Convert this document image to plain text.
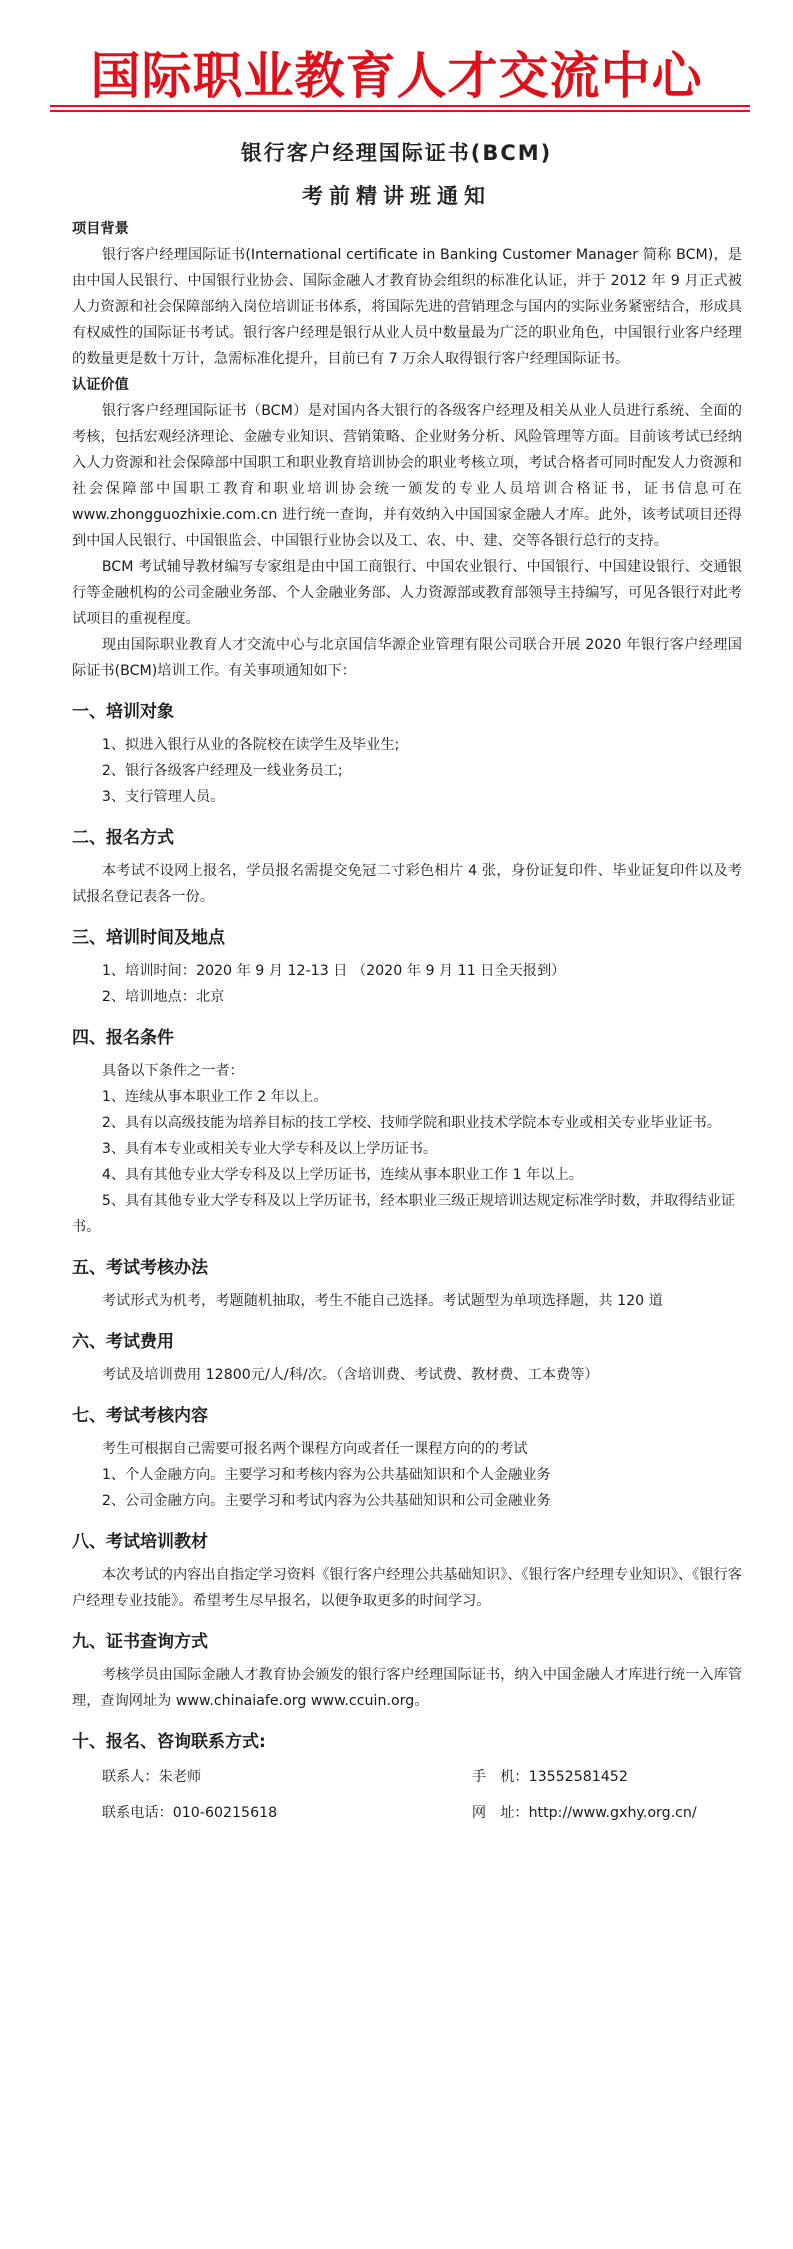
国际职业教育人才交流中心
银行客户经理国际证书(BCM)
考前精讲班通知

项目背景

银行客户经理国际证书(International certificate in Banking Customer Manager 简称 BCM)，是由中国人民银行、中国银行业协会、国际金融人才教育协会组织的标准化认证，并于 2012 年 9 月正式被人力资源和社会保障部纳入岗位培训证书体系，将国际先进的营销理念与国内的实际业务紧密结合，形成具有权威性的国际证书考试。银行客户经理是银行从业人员中数量最为广泛的职业角色，中国银行业客户经理的数量更是数十万计，急需标准化提升，目前已有 7 万余人取得银行客户经理国际证书。

认证价值

银行客户经理国际证书（BCM）是对国内各大银行的各级客户经理及相关从业人员进行系统、全面的考核，包括宏观经济理论、金融专业知识、营销策略、企业财务分析、风险管理等方面。目前该考试已经纳入人力资源和社会保障部中国职工和职业教育培训协会的职业考核立项，考试合格者可同时配发人力资源和社会保障部中国职工教育和职业培训协会统一颁发的专业人员培训合格证书，证书信息可在 www.zhongguozhixie.com.cn 进行统一查询，并有效纳入中国国家金融人才库。此外，该考试项目还得到中国人民银行、中国银监会、中国银行业协会以及工、农、中、建、交等各银行总行的支持。

BCM 考试辅导教材编写专家组是由中国工商银行、中国农业银行、中国银行、中国建设银行、交通银行等金融机构的公司金融业务部、个人金融业务部、人力资源部或教育部领导主持编写，可见各银行对此考试项目的重视程度。

现由国际职业教育人才交流中心与北京国信华源企业管理有限公司联合开展 2020 年银行客户经理国际证书(BCM)培训工作。有关事项通知如下：

一、培训对象

1、拟进入银行从业的各院校在读学生及毕业生;

2、银行各级客户经理及一线业务员工;

3、支行管理人员。

二、报名方式

本考试不设网上报名，学员报名需提交免冠二寸彩色相片 4 张，身份证复印件、毕业证复印件以及考试报名登记表各一份。

三、培训时间及地点

1、培训时间：2020 年 9 月 12-13 日 （2020 年 9 月 11 日全天报到）

2、培训地点：北京

四、报名条件

具备以下条件之一者：

1、连续从事本职业工作 2 年以上。

2、具有以高级技能为培养目标的技工学校、技师学院和职业技术学院本专业或相关专业毕业证书。

3、具有本专业或相关专业大学专科及以上学历证书。

4、具有其他专业大学专科及以上学历证书，连续从事本职业工作 1 年以上。

5、具有其他专业大学专科及以上学历证书，经本职业三级正规培训达规定标准学时数，并取得结业证书。

五、考试考核办法

考试形式为机考，考题随机抽取，考生不能自己选择。考试题型为单项选择题，共 120 道

六、考试费用

考试及培训费用 12800元/人/科/次。（含培训费、考试费、教材费、工本费等）

七、考试考核内容

考生可根据自己需要可报名两个课程方向或者任一课程方向的的考试

1、个人金融方向。主要学习和考核内容为公共基础知识和个人金融业务

2、公司金融方向。主要学习和考试内容为公共基础知识和公司金融业务

八、考试培训教材

本次考试的内容出自指定学习资料《银行客户经理公共基础知识》、《银行客户经理专业知识》、《银行客户经理专业技能》。希望考生尽早报名，以便争取更多的时间学习。

九、证书查询方式

考核学员由国际金融人才教育协会颁发的银行客户经理国际证书，纳入中国金融人才库进行统一入库管理，查询网址为 www.chinaiafe.org www.ccuin.org。

十、报名、咨询联系方式:
联系人：朱老师	手　机：13552581452
联系电话：010-60215618	网　址：http://www.gxhy.org.cn/
